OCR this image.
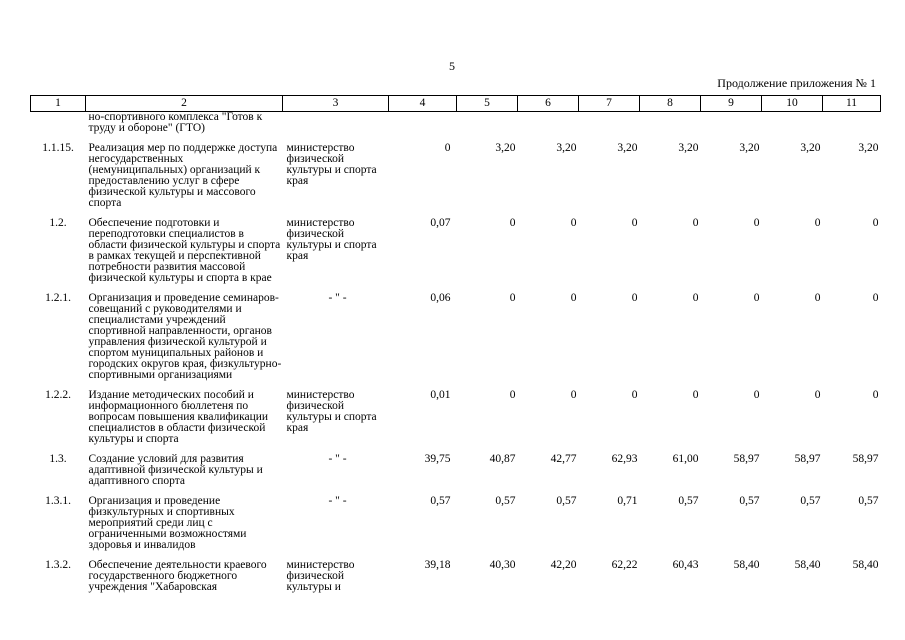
5
Продолжение приложения № 1
1	2	3	4	5	6	7	8	9	10	11
	но-спортивного комплекса "Готов к труду и обороне" (ГТО)									

1.1.15.	Реализация мер по поддержке доступа негосударственных (немуниципальных) организаций к предоставлению услуг в сфере физической культуры и массового спорта	министерство физической культуры и спорта края	0	3,20	3,20	3,20	3,20	3,20	3,20	3,20

1.2.	Обеспечение подготовки и переподготовки специалистов в области физической культуры и спорта в рамках текущей и перспективной потребности развития массовой физической культуры и спорта в крае	министерство физической культуры и спорта края	0,07	0	0	0	0	0	0	0

1.2.1.	Организация и проведение семинаров-совещаний с руководителями и специалистами учреждений спортивной направленности, органов управления физической культурой и спортом муниципальных районов и городских округов края, физкультурно-спортивными организациями	- " -	0,06	0	0	0	0	0	0	0

1.2.2.	Издание методических пособий и информационного бюллетеня по вопросам повышения квалификации специалистов в области физической культуры и спорта	министерство физической культуры и спорта края	0,01	0	0	0	0	0	0	0

1.3.	Создание условий для развития адаптивной физической культуры и адаптивного спорта	- " -	39,75	40,87	42,77	62,93	61,00	58,97	58,97	58,97

1.3.1.	Организация и проведение физкультурных и спортивных мероприятий среди лиц с ограниченными возможностями здоровья и инвалидов	- " -	0,57	0,57	0,57	0,71	0,57	0,57	0,57	0,57

1.3.2.	Обеспечение деятельности краевого государственного бюджетного учреждения "Хабаровская	министерство физической культуры и	39,18	40,30	42,20	62,22	60,43	58,40	58,40	58,40
